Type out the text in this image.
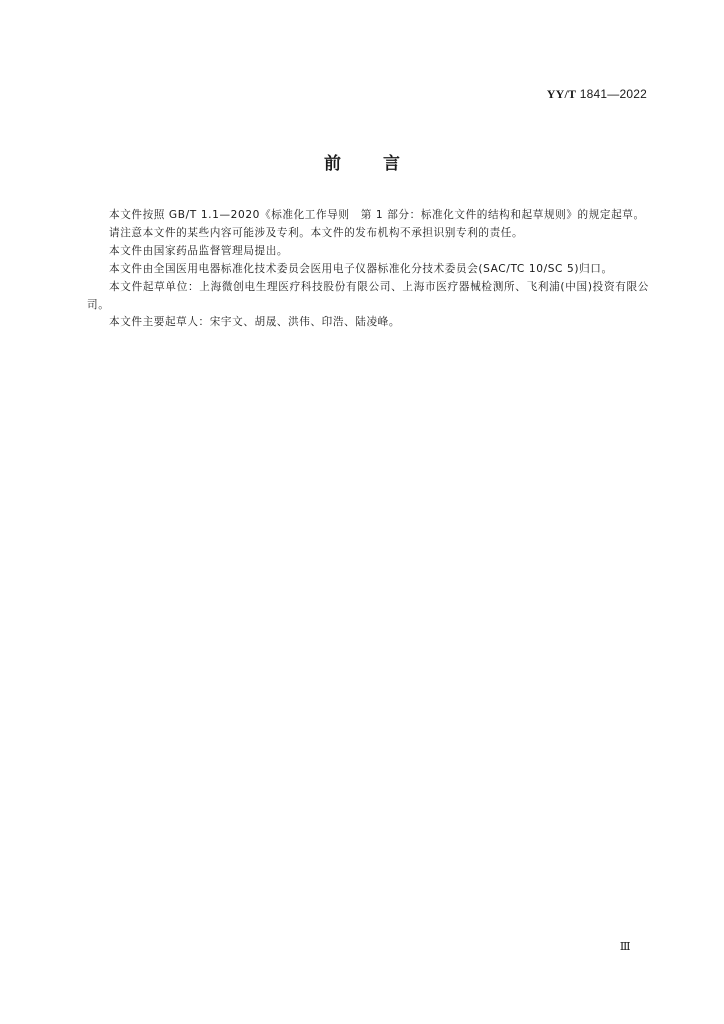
YY/T 1841—2022
前 言

本文件按照 GB/T 1.1—2020《标准化工作导则　第 1 部分：标准化文件的结构和起草规则》的规定起草。

请注意本文件的某些内容可能涉及专利。本文件的发布机构不承担识别专利的责任。

本文件由国家药品监督管理局提出。

本文件由全国医用电器标准化技术委员会医用电子仪器标准化分技术委员会(SAC/TC 10/SC 5)归口。

本文件起草单位：上海微创电生理医疗科技股份有限公司、上海市医疗器械检测所、飞利浦(中国)投资有限公司。

本文件主要起草人：宋宇文、胡晟、洪伟、印浩、陆凌峰。

Ⅲ
